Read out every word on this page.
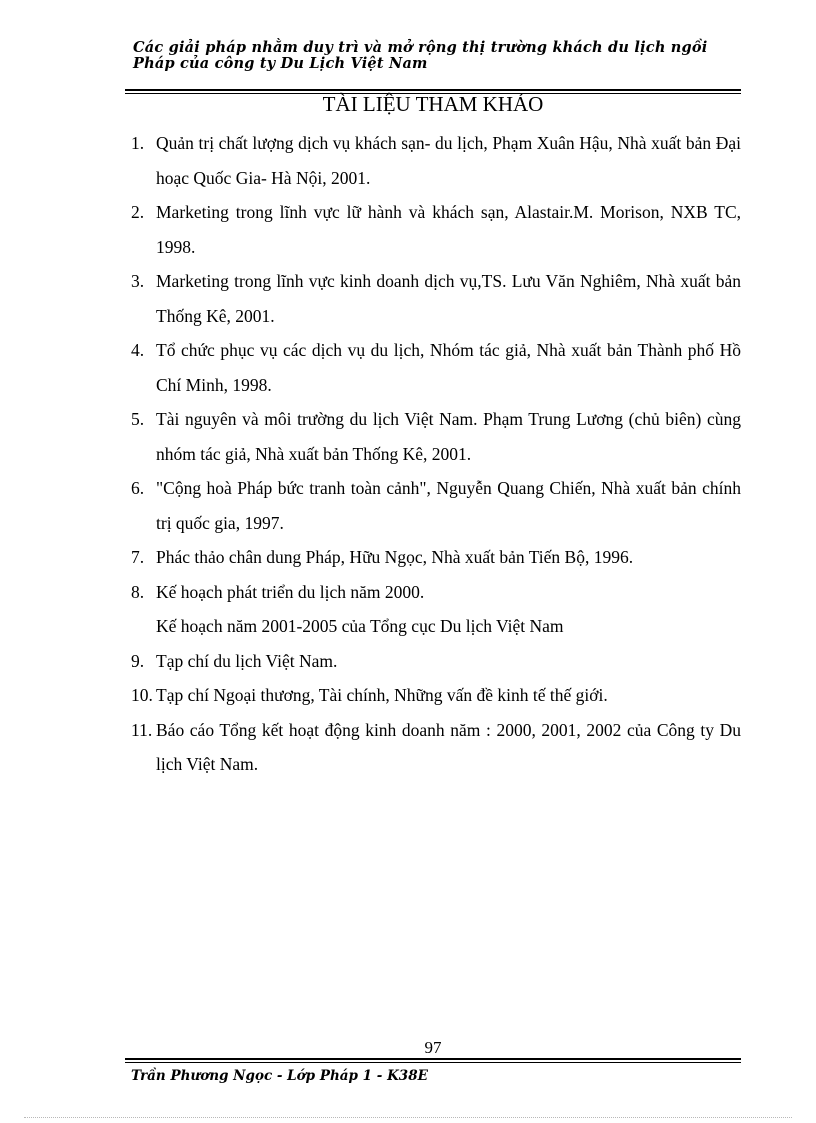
Các giải pháp nhằm duy trì và mở rộng thị trường khách du lịch ngồi Pháp của công ty Du Lịch Việt Nam
TÀI LIỆU THAM KHẢO
1. Quản trị chất lượng dịch vụ khách sạn- du lịch, Phạm Xuân Hậu, Nhà xuất bản Đại hoạc Quốc Gia- Hà Nội, 2001.
2. Marketing trong lĩnh vực lữ hành và khách sạn, Alastair.M. Morison, NXB TC, 1998.
3. Marketing trong lĩnh vực kinh doanh dịch vụ,TS. Lưu Văn Nghiêm, Nhà xuất bản Thống Kê, 2001.
4. Tổ chức phục vụ các dịch vụ du lịch, Nhóm tác giả, Nhà xuất bản Thành phố Hồ Chí Minh, 1998.
5. Tài nguyên và môi trường du lịch Việt Nam. Phạm Trung Lương (chủ biên) cùng nhóm tác giả, Nhà xuất bản Thống Kê, 2001.
6. "Cộng hoà Pháp bức tranh toàn cảnh", Nguyễn Quang Chiến, Nhà xuất bản chính trị quốc gia, 1997.
7. Phác thảo chân dung Pháp, Hữu Ngọc, Nhà xuất bản Tiến Bộ, 1996.
8. Kế hoạch phát triển du lịch năm 2000.
Kế hoạch năm 2001-2005 của Tổng cục Du lịch Việt Nam
9. Tạp chí du lịch Việt Nam.
10. Tạp chí Ngoại thương, Tài chính, Những vấn đề kinh tế thế giới.
11. Báo cáo Tổng kết hoạt động kinh doanh năm : 2000, 2001, 2002 của Công ty Du lịch Việt Nam.
97
Trần Phương Ngọc - Lớp Pháp 1 - K38E
